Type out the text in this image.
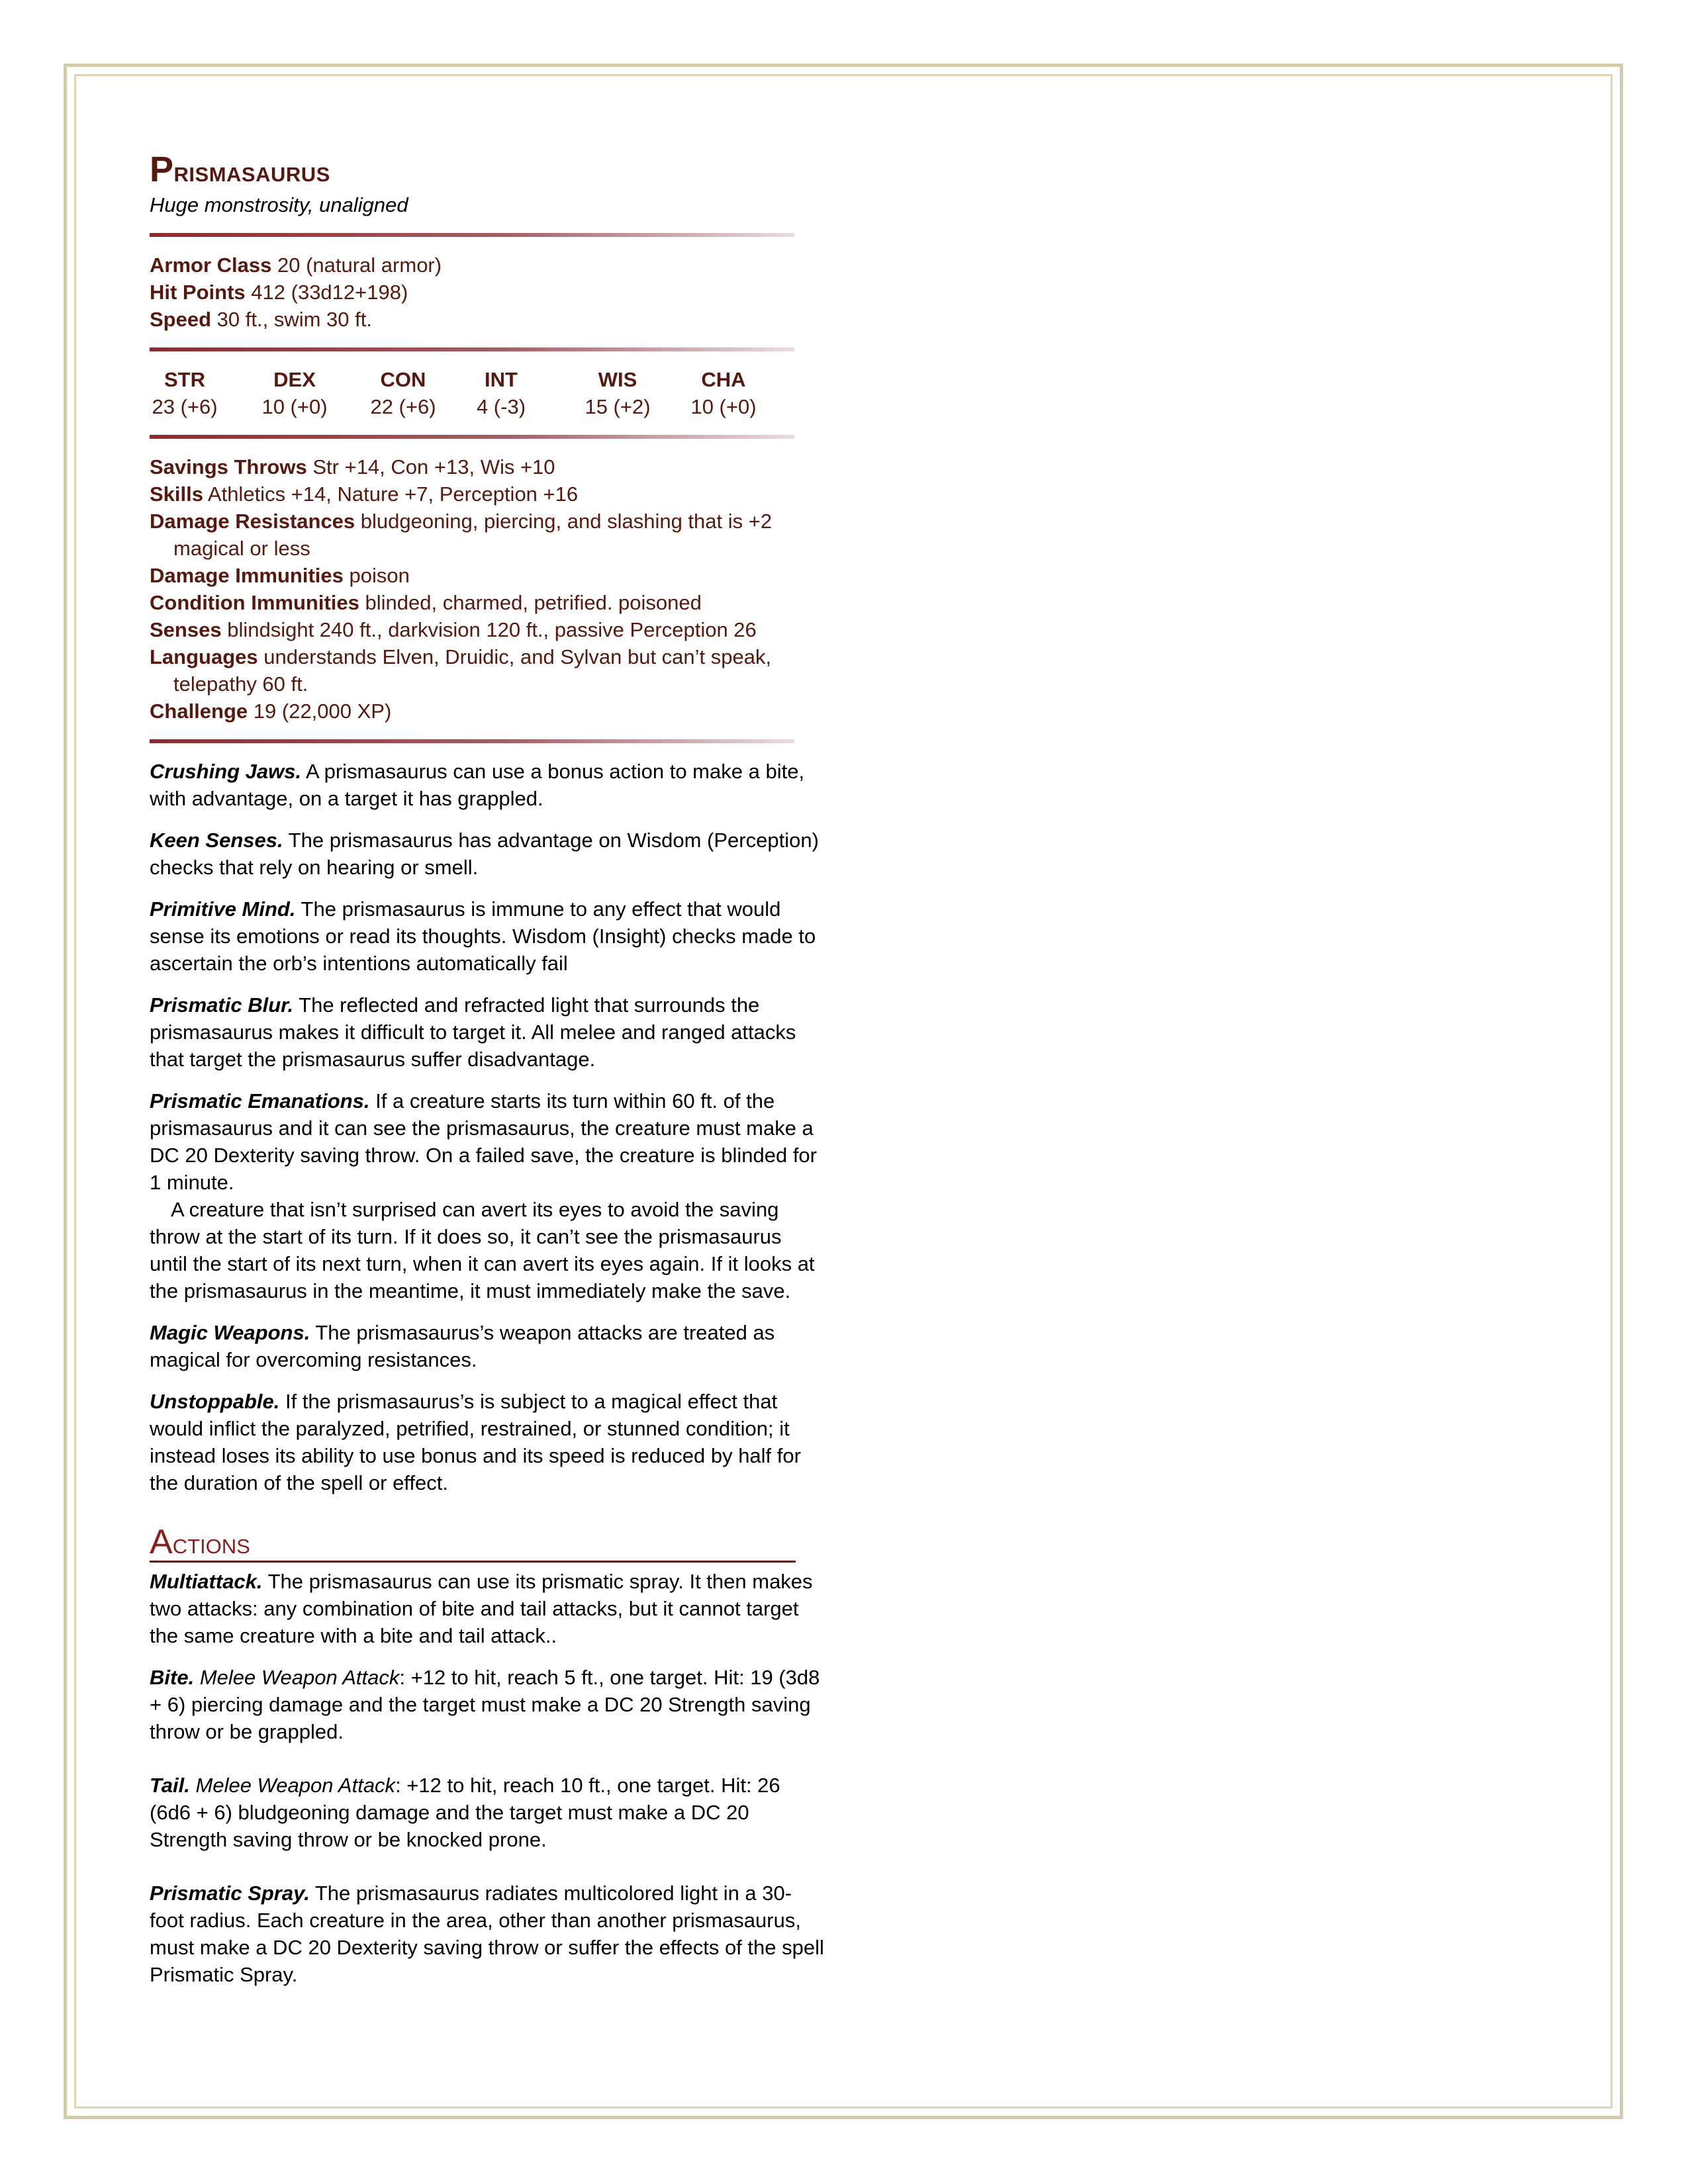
Prismasaurus
Huge monstrosity, unaligned
Armor Class 20 (natural armor)
Hit Points 412 (33d12+198)
Speed 30 ft., swim 30 ft.
STR
23 (+6)
DEX
10 (+0)
CON
22 (+6)
INT
4 (-3)
WIS
15 (+2)
CHA
10 (+0)
Savings Throws Str +14, Con +13, Wis +10
Skills Athletics +14, Nature +7, Perception +16
Damage Resistances bludgeoning, piercing, and slashing that is +2 magical or less
Damage Immunities poison
Condition Immunities blinded, charmed, petrified. poisoned
Senses blindsight 240 ft., darkvision 120 ft., passive Perception 26
Languages understands Elven, Druidic, and Sylvan but can’t speak, telepathy 60 ft.
Challenge 19 (22,000 XP)

Crushing Jaws. A prismasaurus can use a bonus action to make a bite, with advantage, on a target it has grappled.

Keen Senses. The prismasaurus has advantage on Wisdom (Perception) checks that rely on hearing or smell.

Primitive Mind. The prismasaurus is immune to any effect that would sense its emotions or read its thoughts. Wisdom (Insight) checks made to ascertain the orb’s intentions automatically fail

Prismatic Blur. The reflected and refracted light that surrounds the prismasaurus makes it difficult to target it. All melee and ranged attacks that target the prismasaurus suffer disadvantage.

Prismatic Emanations. If a creature starts its turn within 60 ft. of the prismasaurus and it can see the prismasaurus, the creature must make a DC 20 Dexterity saving throw. On a failed save, the creature is blinded for 1 minute.

A creature that isn’t surprised can avert its eyes to avoid the saving throw at the start of its turn. If it does so, it can’t see the prismasaurus until the start of its next turn, when it can avert its eyes again. If it looks at the prismasaurus in the meantime, it must immediately make the save.

Magic Weapons. The prismasaurus’s weapon attacks are treated as magical for overcoming resistances.

Unstoppable. If the prismasaurus’s is subject to a magical effect that would inflict the paralyzed, petrified, restrained, or stunned condition; it instead loses its ability to use bonus and its speed is reduced by half for the duration of the spell or effect.

Actions

Multiattack. The prismasaurus can use its prismatic spray. It then makes two attacks: any combination of bite and tail attacks, but it cannot target the same creature with a bite and tail attack..

Bite. Melee Weapon Attack: +12 to hit, reach 5 ft., one target. Hit: 19 (3d8 + 6) piercing damage and the target must make a DC 20 Strength saving throw or be grappled.

Tail. Melee Weapon Attack: +12 to hit, reach 10 ft., one target. Hit: 26 (6d6 + 6) bludgeoning damage and the target must make a DC 20 Strength saving throw or be knocked prone.

Prismatic Spray. The prismasaurus radiates multicolored light in a 30-foot radius. Each creature in the area, other than another prismasaurus, must make a DC 20 Dexterity saving throw or suffer the effects of the spell Prismatic Spray.
